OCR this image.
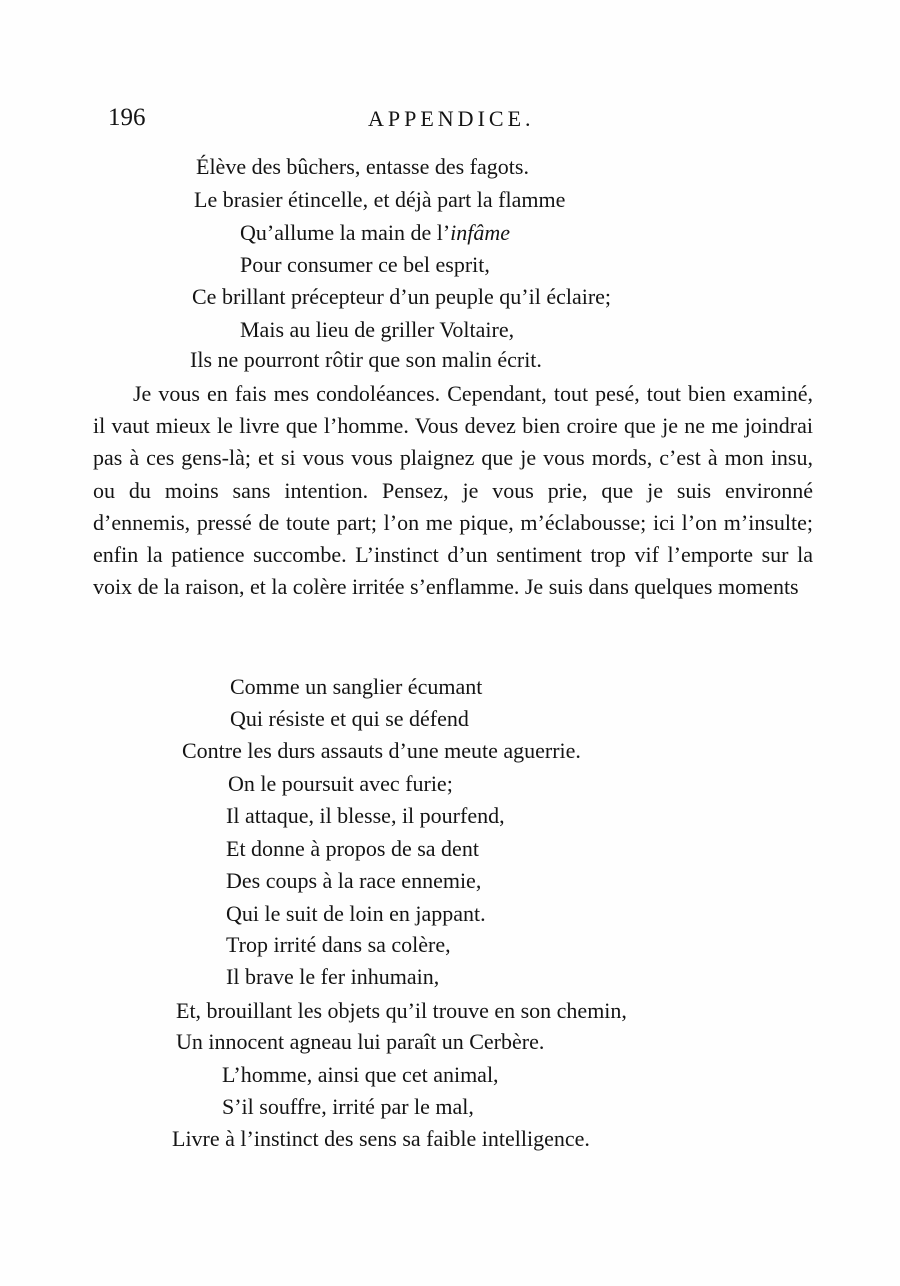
196	APPENDICE.
Élève des bûchers, entasse des fagots.
Le brasier étincelle, et déjà part la flamme
Qu’allume la main de l’infâme
Pour consumer ce bel esprit,
Ce brillant précepteur d’un peuple qu’il éclaire;
Mais au lieu de griller Voltaire,
Ils ne pourront rôtir que son malin écrit.

Je vous en fais mes condoléances. Cependant, tout pesé, tout bien examiné, il vaut mieux le livre que l’homme. Vous devez bien croire que je ne me joindrai pas à ces gens-là; et si vous vous plaignez que je vous mords, c’est à mon insu, ou du moins sans intention. Pensez, je vous prie, que je suis environné d’ennemis, pressé de toute part; l’on me pique, m’éclabousse; ici l’on m’insulte; enfin la patience succombe. L’instinct d’un sentiment trop vif l’emporte sur la voix de la raison, et la colère irritée s’enflamme. Je suis dans quelques moments

Comme un sanglier écumant
Qui résiste et qui se défend
Contre les durs assauts d’une meute aguerrie.
On le poursuit avec furie;
Il attaque, il blesse, il pourfend,
Et donne à propos de sa dent
Des coups à la race ennemie,
Qui le suit de loin en jappant.
Trop irrité dans sa colère,
Il brave le fer inhumain,
Et, brouillant les objets qu’il trouve en son chemin,
Un innocent agneau lui paraît un Cerbère.
L’homme, ainsi que cet animal,
S’il souffre, irrité par le mal,
Livre à l’instinct des sens sa faible intelligence.
